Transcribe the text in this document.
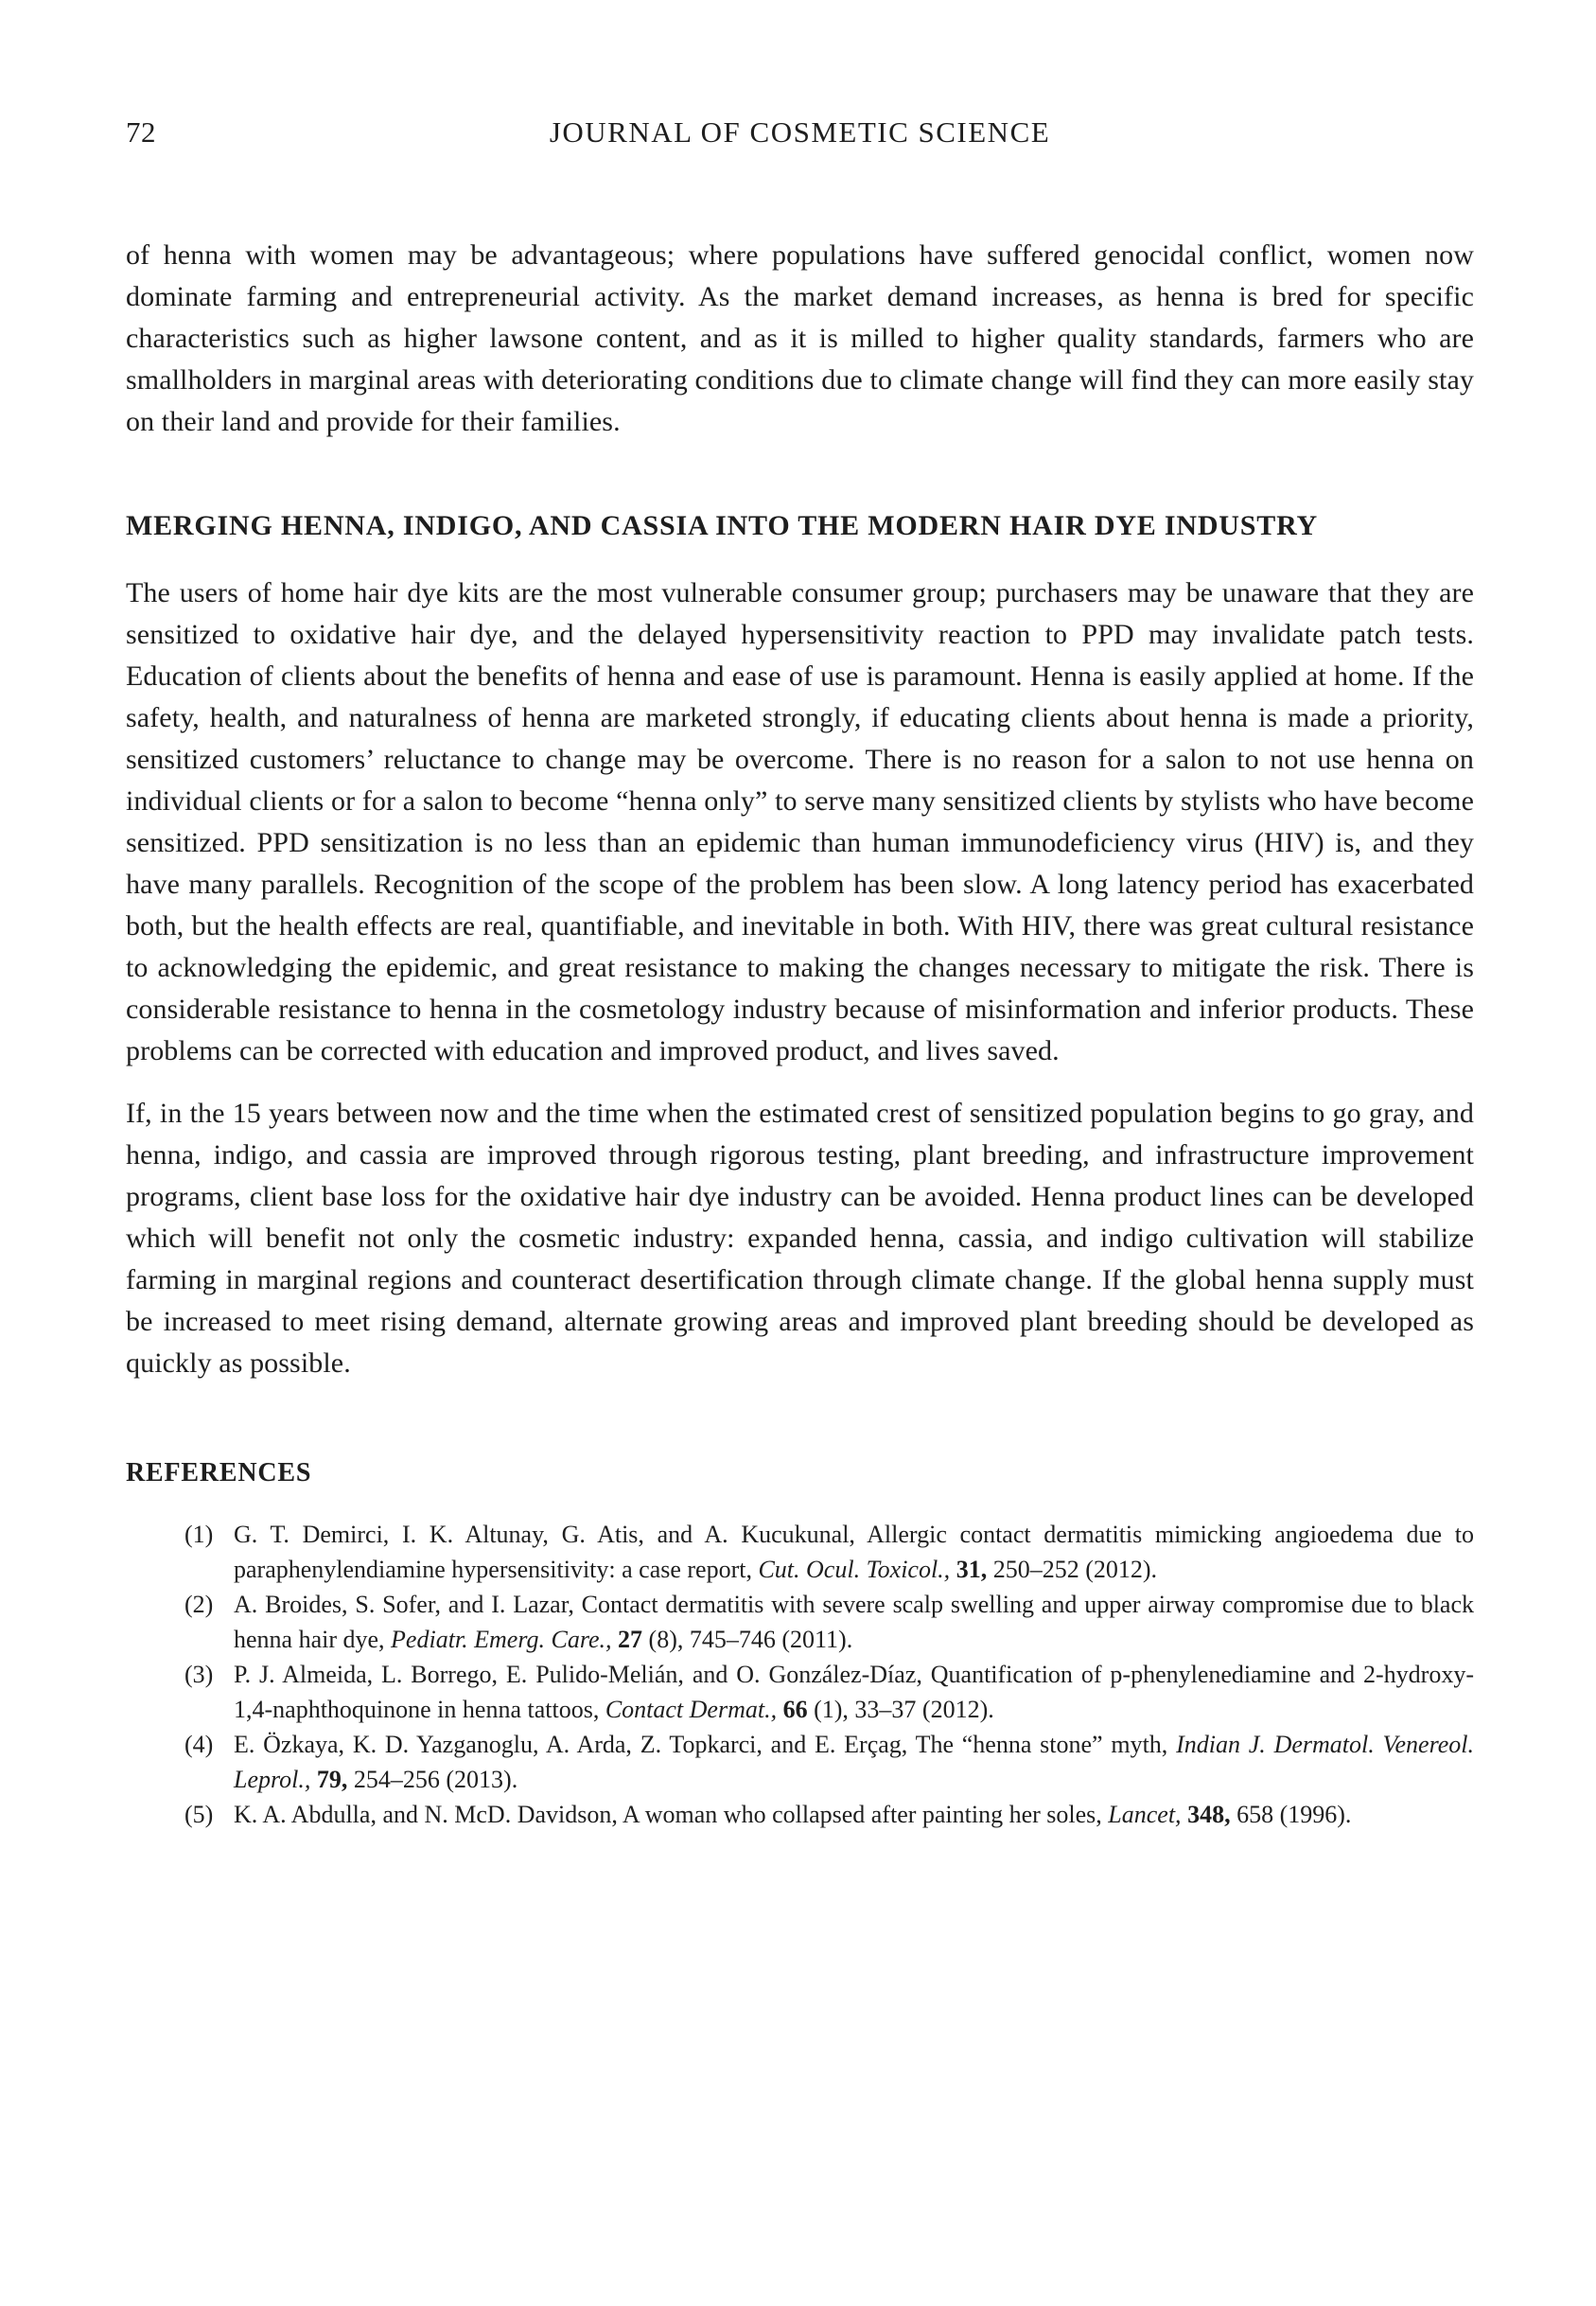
72	JOURNAL OF COSMETIC SCIENCE

of henna with women may be advantageous; where populations have suffered genocidal conflict, women now dominate farming and entrepreneurial activity. As the market demand increases, as henna is bred for specific characteristics such as higher lawsone content, and as it is milled to higher quality standards, farmers who are smallholders in marginal areas with deteriorating conditions due to climate change will find they can more easily stay on their land and provide for their families.

MERGING HENNA, INDIGO, AND CASSIA INTO THE MODERN HAIR DYE INDUSTRY

The users of home hair dye kits are the most vulnerable consumer group; purchasers may be unaware that they are sensitized to oxidative hair dye, and the delayed hypersensitivity reaction to PPD may invalidate patch tests. Education of clients about the benefits of henna and ease of use is paramount. Henna is easily applied at home. If the safety, health, and naturalness of henna are marketed strongly, if educating clients about henna is made a priority, sensitized customers’ reluctance to change may be overcome. There is no reason for a salon to not use henna on individual clients or for a salon to become “henna only” to serve many sensitized clients by stylists who have become sensitized. PPD sensitization is no less than an epidemic than human immunodeficiency virus (HIV) is, and they have many parallels. Recognition of the scope of the problem has been slow. A long latency period has exacerbated both, but the health effects are real, quantifiable, and inevitable in both. With HIV, there was great cultural resistance to acknowledging the epidemic, and great resistance to making the changes necessary to mitigate the risk. There is considerable resistance to henna in the cosmetology industry because of misinformation and inferior products. These problems can be corrected with education and improved product, and lives saved.

If, in the 15 years between now and the time when the estimated crest of sensitized population begins to go gray, and henna, indigo, and cassia are improved through rigorous testing, plant breeding, and infrastructure improvement programs, client base loss for the oxidative hair dye industry can be avoided. Henna product lines can be developed which will benefit not only the cosmetic industry: expanded henna, cassia, and indigo cultivation will stabilize farming in marginal regions and counteract desertification through climate change. If the global henna supply must be increased to meet rising demand, alternate growing areas and improved plant breeding should be developed as quickly as possible.

REFERENCES
(1) G. T. Demirci, I. K. Altunay, G. Atis, and A. Kucukunal, Allergic contact dermatitis mimicking angioedema due to paraphenylendiamine hypersensitivity: a case report, Cut. Ocul. Toxicol., 31, 250–252 (2012).
(2) A. Broides, S. Sofer, and I. Lazar, Contact dermatitis with severe scalp swelling and upper airway compromise due to black henna hair dye, Pediatr. Emerg. Care., 27 (8), 745–746 (2011).
(3) P. J. Almeida, L. Borrego, E. Pulido-Melián, and O. González-Díaz, Quantification of p-phenylenediamine and 2-hydroxy-1,4-naphthoquinone in henna tattoos, Contact Dermat., 66 (1), 33–37 (2012).
(4) E. Özkaya, K. D. Yazganoglu, A. Arda, Z. Topkarci, and E. Erçag, The “henna stone” myth, Indian J. Dermatol. Venereol. Leprol., 79, 254–256 (2013).
(5) K. A. Abdulla, and N. McD. Davidson, A woman who collapsed after painting her soles, Lancet, 348, 658 (1996).
